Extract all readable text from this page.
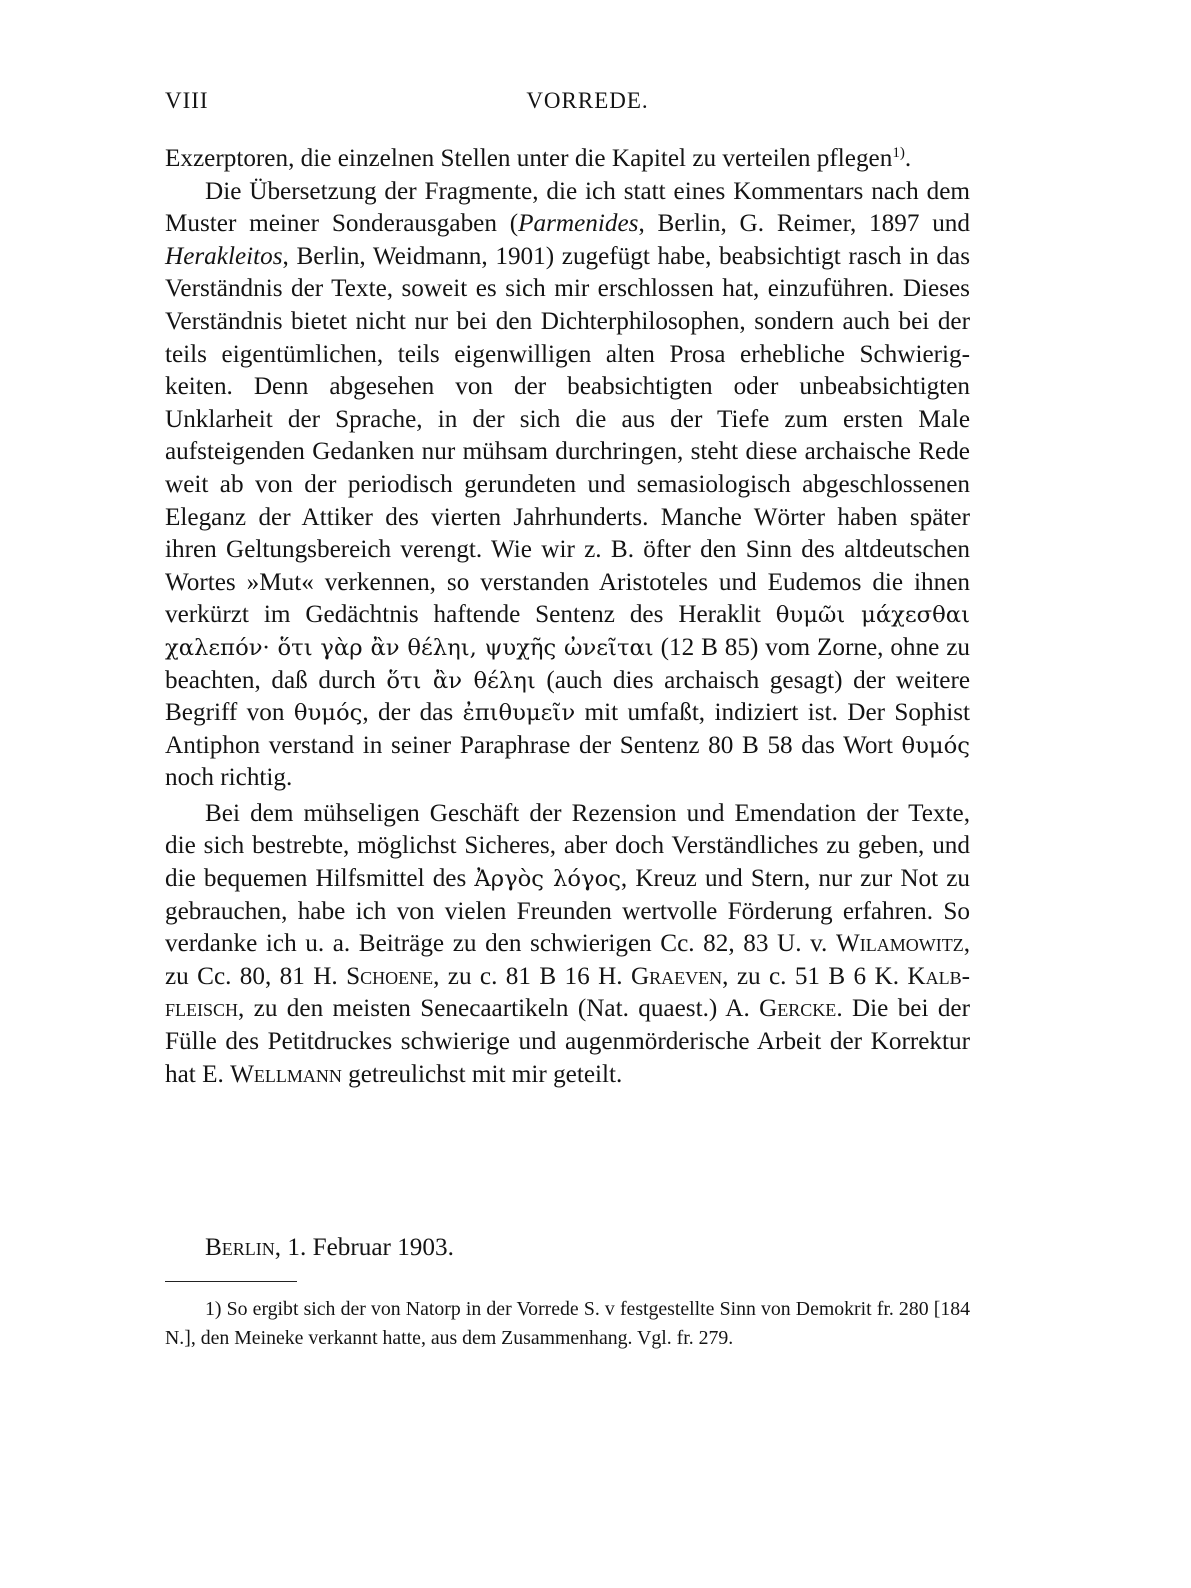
VIII	VORREDE.

Exzerptoren, die einzelnen Stellen unter die Kapitel zu verteilen pflegen$^{1)}$.

Die Übersetzung der Fragmente, die ich statt eines Kommentars nach dem Muster meiner Sonderausgaben (Parmenides, Berlin, G. Reimer, 1897 und Herakleitos, Berlin, Weidmann, 1901) zugefügt habe, beabsichtigt rasch in das Verständnis der Texte, soweit es sich mir erschlossen hat, einzuführen. Dieses Verständnis bietet nicht nur bei den Dichterphilosophen, sondern auch bei der teils eigentümlichen, teils eigenwilligen alten Prosa erhebliche Schwierigkeiten. Denn abgesehen von der beabsichtigten oder unbeabsichtigten Unklarheit der Sprache, in der sich die aus der Tiefe zum ersten Male aufsteigenden Gedanken nur mühsam durchringen, steht diese archaische Rede weit ab von der periodisch gerundeten und semasiologisch abgeschlossenen Eleganz der Attiker des vierten Jahrhunderts. Manche Wörter haben später ihren Geltungsbereich verengt. Wie wir z. B. öfter den Sinn des altdeutschen Wortes »Mut« verkennen, so verstanden Aristoteles und Eudemos die ihnen verkürzt im Gedächtnis haftende Sentenz des Heraklit θυμῶι μάχεσθαι χαλεπόν· ὅτι γὰρ ἂν θέληι, ψυχῆς ὠνεῖται (12 B 85) vom Zorne, ohne zu beachten, daß durch ὅτι ἂν θέληι (auch dies archaisch gesagt) der weitere Begriff von θυμός, der das ἐπιθυμεῖν mit umfaßt, indiziert ist. Der Sophist Antiphon verstand in seiner Paraphrase der Sentenz 80 B 58 das Wort θυμός noch richtig.

Bei dem mühseligen Geschäft der Rezension und Emendation der Texte, die sich bestrebte, möglichst Sicheres, aber doch Verständliches zu geben, und die bequemen Hilfsmittel des Ἀργὸς λόγος, Kreuz und Stern, nur zur Not zu gebrauchen, habe ich von vielen Freunden wertvolle Förderung erfahren. So verdanke ich u. a. Beiträge zu den schwierigen Cc. 82, 83 U. v. Wilamowitz, zu Cc. 80, 81 H. Schoene, zu c. 81 B 16 H. Graeven, zu c. 51 B 6 K. Kalbfleisch, zu den meisten Senecaartikeln (Nat. quaest.) A. Gercke. Die bei der Fülle des Petitdruckes schwierige und augenmörderische Arbeit der Korrektur hat E. Wellmann getreulichst mit mir geteilt.

Berlin, 1. Februar 1903.

1) So ergibt sich der von Natorp in der Vorrede S. v festgestellte Sinn von Demokrit fr. 280 [184 N.], den Meineke verkannt hatte, aus dem Zusammenhang. Vgl. fr. 279.
